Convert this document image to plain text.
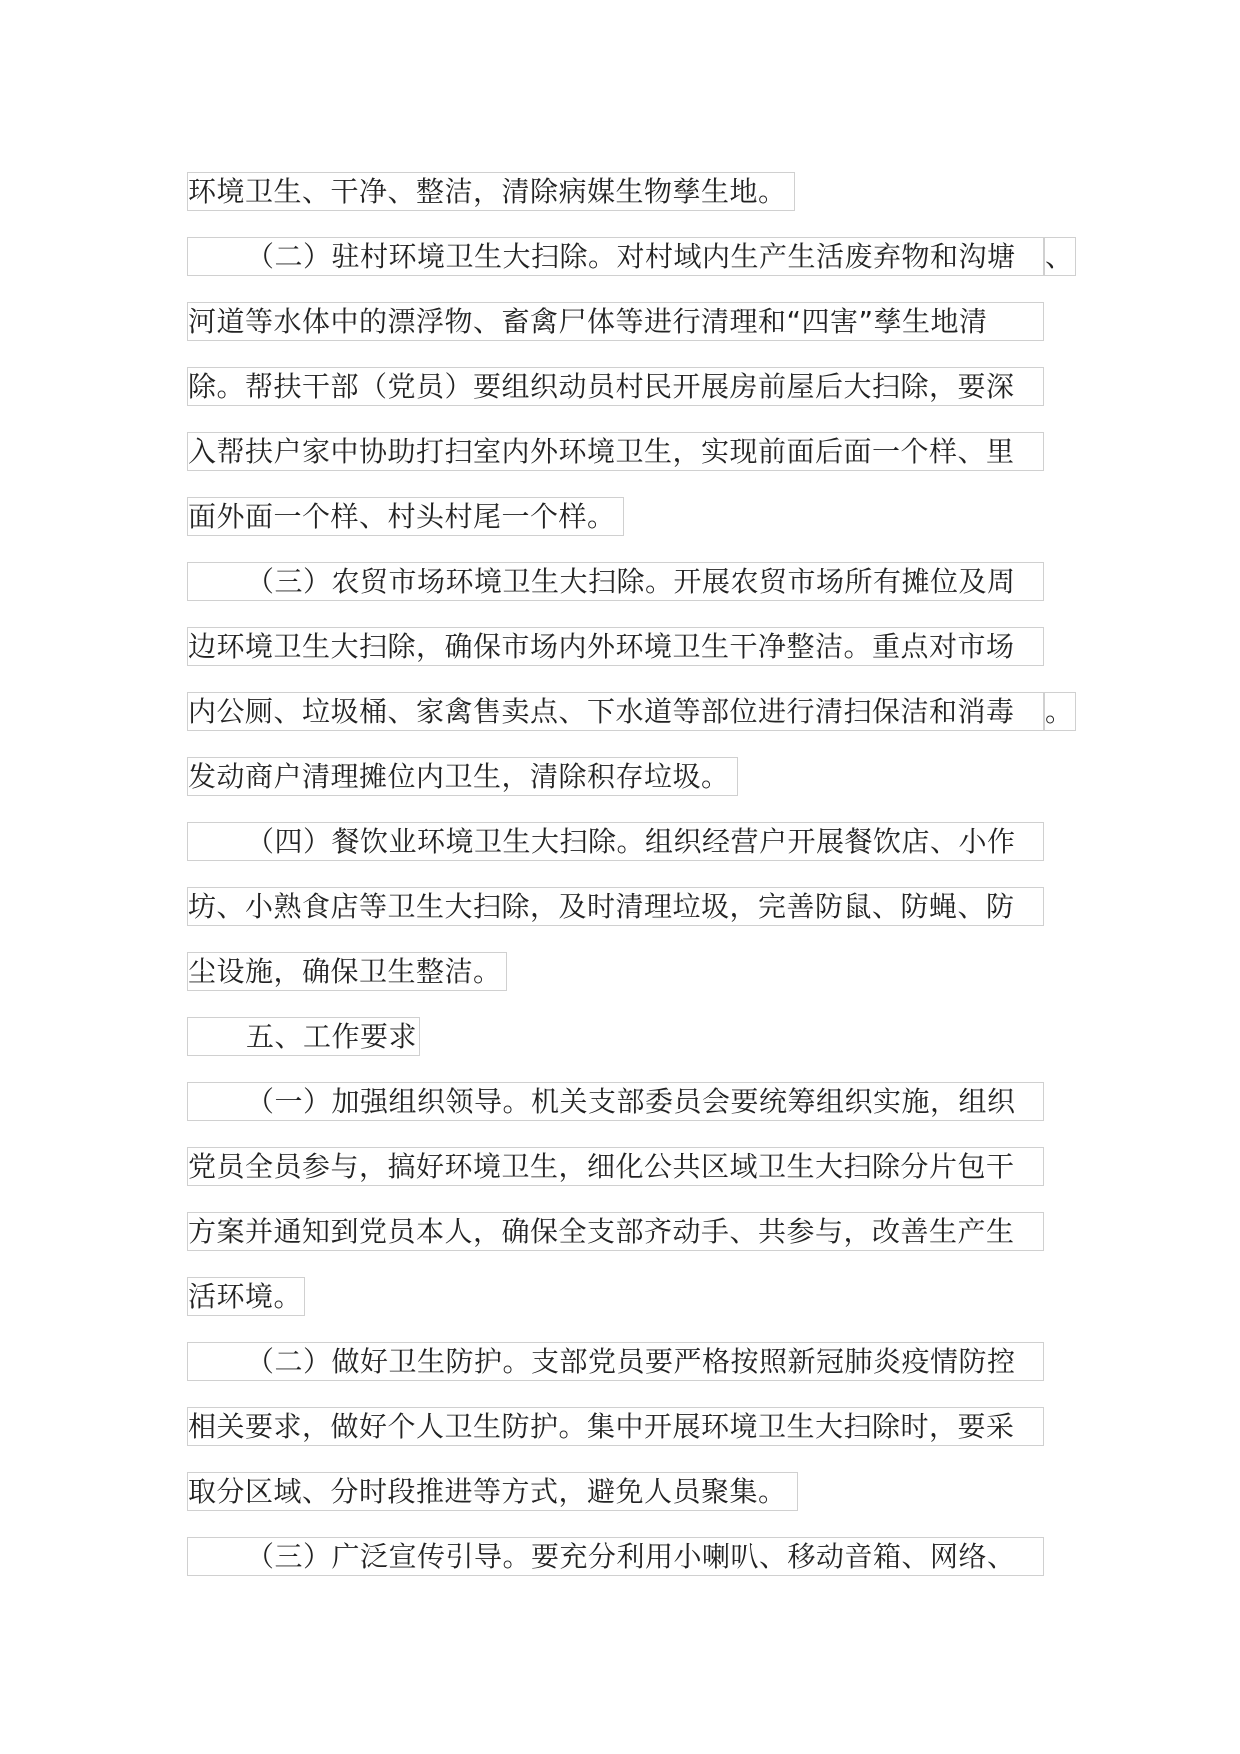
环境卫生、干净、整洁，清除病媒生物孳生地。
（二）驻村环境卫生大扫除。对村域内生产生活废弃物和沟塘	、
河道等水体中的漂浮物、畜禽尸体等进行清理和“四害”孳生地清
除。帮扶干部（党员）要组织动员村民开展房前屋后大扫除，要深
入帮扶户家中协助打扫室内外环境卫生，实现前面后面一个样、里
面外面一个样、村头村尾一个样。
（三）农贸市场环境卫生大扫除。开展农贸市场所有摊位及周
边环境卫生大扫除，确保市场内外环境卫生干净整洁。重点对市场
内公厕、垃圾桶、家禽售卖点、下水道等部位进行清扫保洁和消毒	。
发动商户清理摊位内卫生，清除积存垃圾。
（四）餐饮业环境卫生大扫除。组织经营户开展餐饮店、小作
坊、小熟食店等卫生大扫除，及时清理垃圾，完善防鼠、防蝇、防
尘设施，确保卫生整洁。
五、工作要求
（一）加强组织领导。机关支部委员会要统筹组织实施，组织
党员全员参与，搞好环境卫生，细化公共区域卫生大扫除分片包干
方案并通知到党员本人，确保全支部齐动手、共参与，改善生产生
活环境。
（二）做好卫生防护。支部党员要严格按照新冠肺炎疫情防控
相关要求，做好个人卫生防护。集中开展环境卫生大扫除时，要采
取分区域、分时段推进等方式，避免人员聚集。
（三）广泛宣传引导。要充分利用小喇叭、移动音箱、网络、
